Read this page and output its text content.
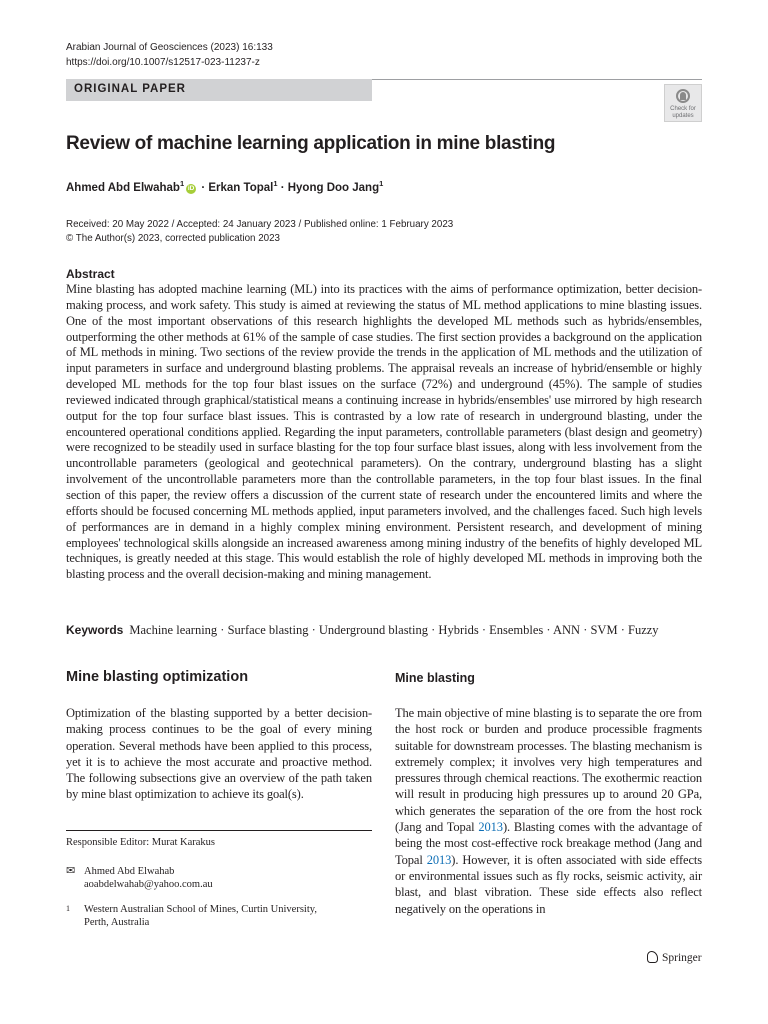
Arabian Journal of Geosciences (2023) 16:133
https://doi.org/10.1007/s12517-023-11237-z
ORIGINAL PAPER
Check for
updates
Review of machine learning application in mine blasting
Ahmed Abd Elwahab$^1$iD · Erkan Topal$^1$ · Hyong Doo Jang$^1$
Received: 20 May 2022 / Accepted: 24 January 2023 / Published online: 1 February 2023
© The Author(s) 2023, corrected publication 2023
Abstract
Mine blasting has adopted machine learning (ML) into its practices with the aims of performance optimization, better decision-making process, and work safety. This study is aimed at reviewing the status of ML method applications to mine blasting issues. One of the most important observations of this research highlights the developed ML methods such as hybrids/ensembles, outperforming the other methods at 61% of the sample of case studies. The first section provides a background on the application of ML methods in mining. Two sections of the review provide the trends in the application of ML methods and the utilization of input parameters in surface and underground blasting problems. The appraisal reveals an increase of hybrid/ensemble or highly developed ML methods for the top four blast issues on the surface (72%) and underground (45%). The sample of studies reviewed indicated through graphical/statistical means a continuing increase in hybrids/ensembles' use mirrored by high research output for the top four surface blast issues. This is contrasted by a low rate of research in underground blasting, under the encountered operational conditions applied. Regarding the input parameters, controllable parameters (blast design and geometry) were recognized to be steadily used in surface blasting for the top four surface blast issues, along with less involvement from the uncontrollable parameters (geological and geotechnical parameters). On the contrary, underground blasting has a slight involvement of the uncontrollable parameters more than the controllable parameters, in the top four blast issues. In the final section of this paper, the review offers a discussion of the current state of research under the encountered limits and where the efforts should be focused concerning ML methods applied, input parameters involved, and the challenges faced. Such high levels of performances are in demand in a highly complex mining environment. Persistent research, and development of mining employees' technological skills alongside an increased awareness among mining industry of the benefits of highly developed ML techniques, is greatly needed at this stage. This would establish the role of highly developed ML methods in improving both the blasting process and the overall decision-making and mining management.
Keywords Machine learning · Surface blasting · Underground blasting · Hybrids · Ensembles · ANN · SVM · Fuzzy
Mine blasting optimization
Optimization of the blasting supported by a better decision-making process continues to be the goal of every mining operation. Several methods have been applied to this process, yet it is to achieve the most accurate and proactive method. The following subsections give an overview of the path taken by mine blast optimization to achieve its goal(s).
Responsible Editor: Murat Karakus
✉ Ahmed Abd Elwahab
aoabdelwahab@yahoo.com.au
1 Western Australian School of Mines, Curtin University,
Perth, Australia
Mine blasting
The main objective of mine blasting is to separate the ore from the host rock or burden and produce processible fragments suitable for downstream processes. The blasting mechanism is extremely complex; it involves very high temperatures and pressures through chemical reactions. The exothermic reaction will result in producing high pressures up to around 20 GPa, which generates the separation of the ore from the host rock (Jang and Topal 2013). Blasting comes with the advantage of being the most cost-effective rock breakage method (Jang and Topal 2013). However, it is often associated with side effects or environmental issues such as fly rocks, seismic activity, air blast, and blast vibration. These side effects also reflect negatively on the operations in
Springer
